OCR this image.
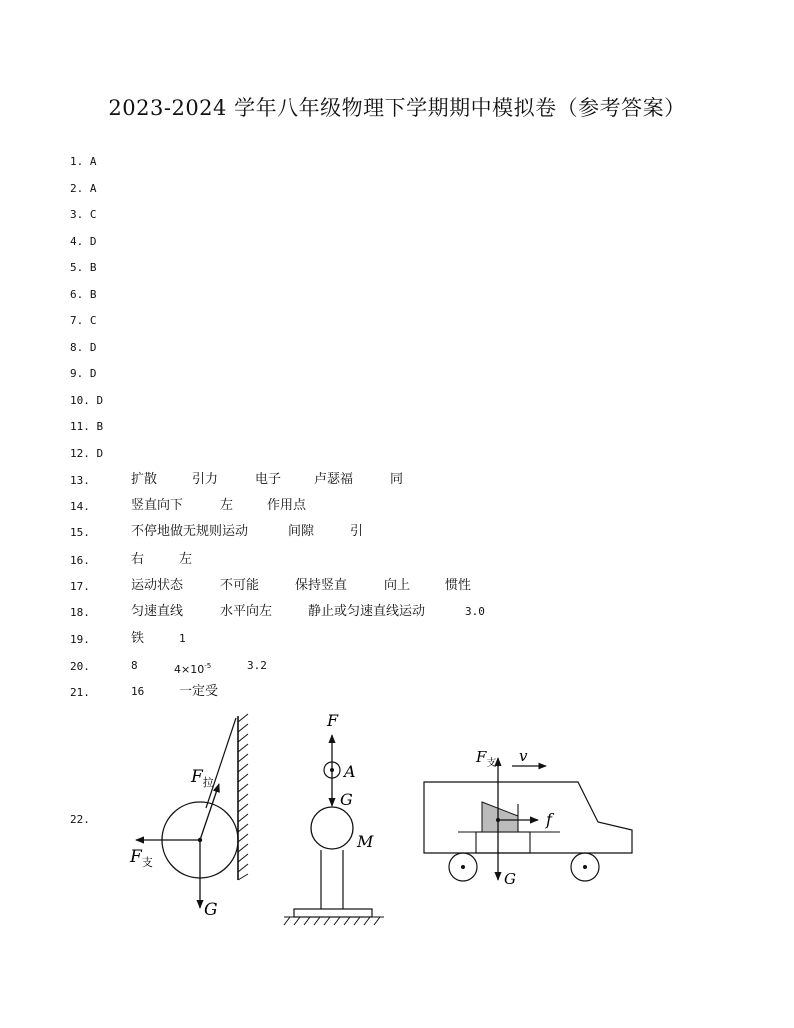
2023-2024 学年八年级物理下学期期中模拟卷（参考答案）
1. A
2. A
3. C
4. D
5. B
6. B
7. C
8. D
9. D
10. D
11. B
12. D
13.	扩散	引力	电子	卢瑟福	同
14.	竖直向下	左	作用点
15.	不停地做无规则运动	间隙	引
16.	右	左
17.	运动状态	不可能	保持竖直	向上	惯性
18.	匀速直线	水平向左	静止或匀速直线运动	3.0
19.	铁	1
20.	8	$4\times 10^{-5}$	3.2
21.	16	一定受
22.
$F_拉$
$F_支$
G
F
A
G
M
$F_支$ v
f
G
